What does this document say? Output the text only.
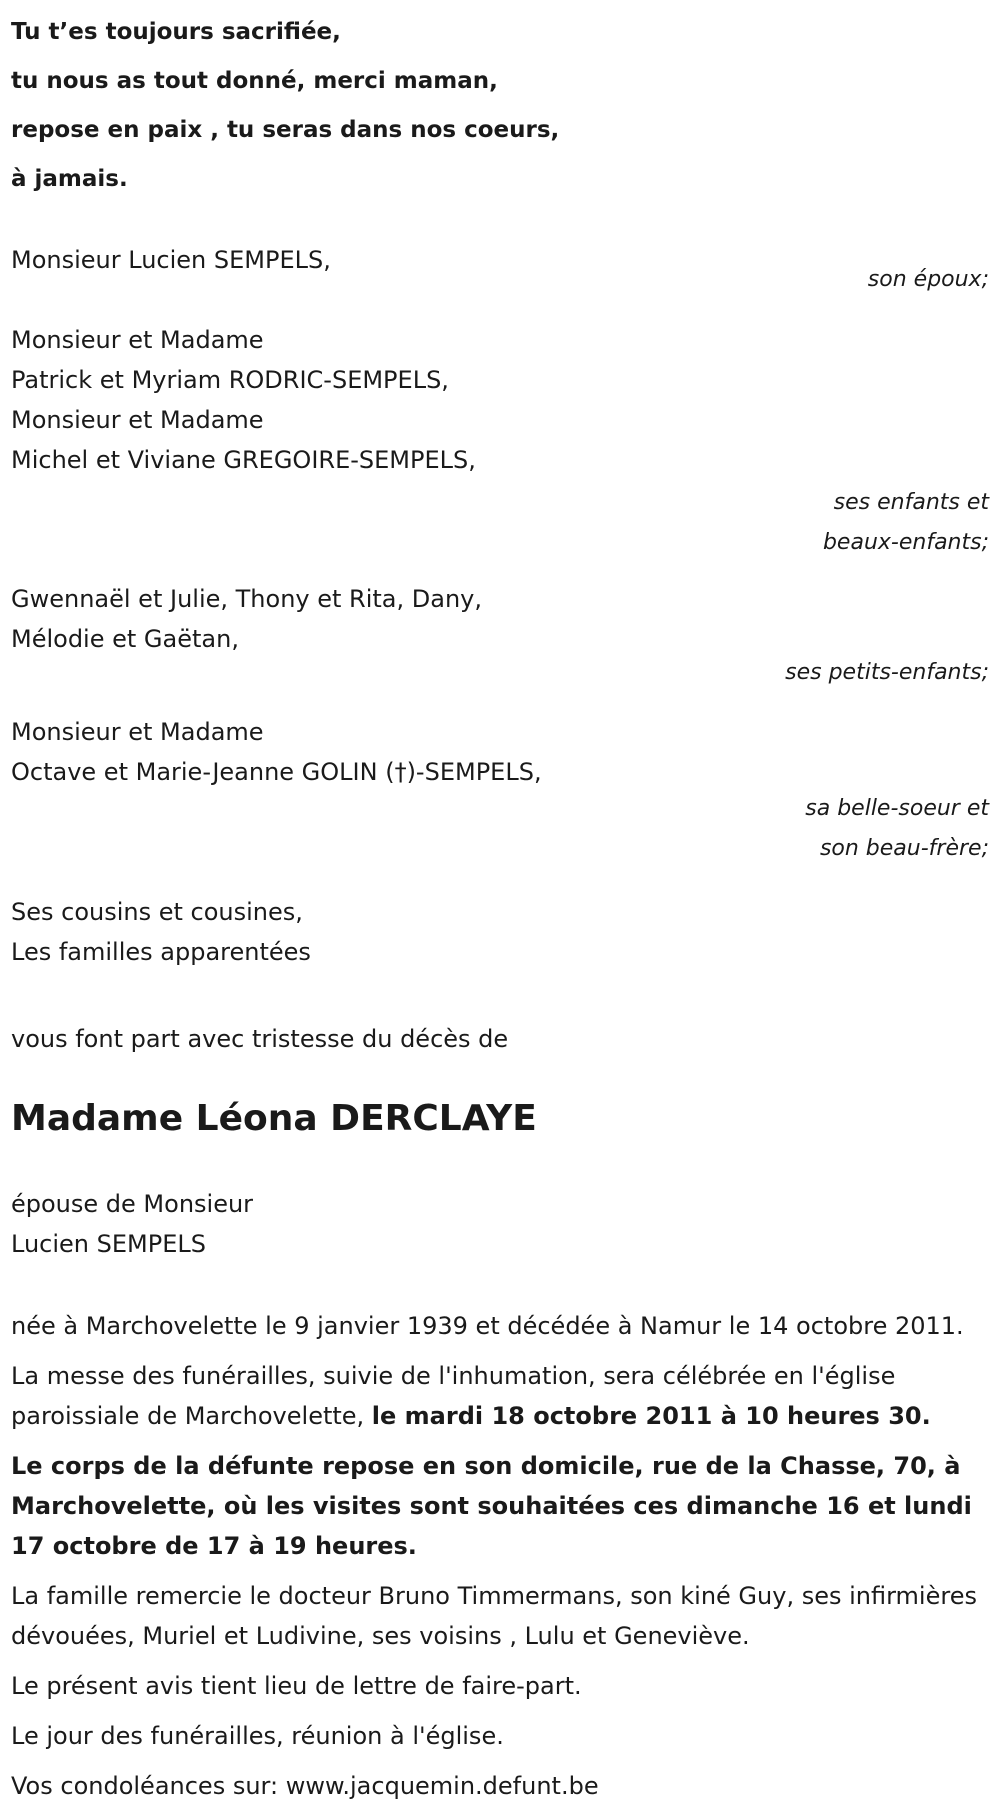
Tu t’es toujours sacrifiée,
tu nous as tout donné, merci maman,
repose en paix , tu seras dans nos coeurs,
à jamais.
Monsieur Lucien SEMPELS,
son époux;
Monsieur et Madame
Patrick et Myriam RODRIC-SEMPELS,
Monsieur et Madame
Michel et Viviane GREGOIRE-SEMPELS,
ses enfants et
beaux-enfants;
Gwennaël et Julie, Thony et Rita, Dany,
Mélodie et Gaëtan,
ses petits-enfants;
Monsieur et Madame
Octave et Marie-Jeanne GOLIN (†)-SEMPELS,
sa belle-soeur et
son beau-frère;
Ses cousins et cousines,
Les familles apparentées
vous font part avec tristesse du décès de
Madame Léona DERCLAYE
épouse de Monsieur
Lucien SEMPELS
née à Marchovelette le 9 janvier 1939 et décédée à Namur le 14 octobre 2011.
La messe des funérailles, suivie de l'inhumation, sera célébrée en l'église paroissiale de Marchovelette, le mardi 18 octobre 2011 à 10 heures 30.
Le corps de la défunte repose en son domicile, rue de la Chasse, 70, à Marchovelette, où les visites sont souhaitées ces dimanche 16 et lundi 17 octobre de 17 à 19 heures.
La famille remercie le docteur Bruno Timmermans, son kiné Guy, ses infirmières dévouées, Muriel et Ludivine, ses voisins , Lulu et Geneviève.
Le présent avis tient lieu de lettre de faire-part.
Le jour des funérailles, réunion à l'église.
Vos condoléances sur: www.jacquemin.defunt.be
